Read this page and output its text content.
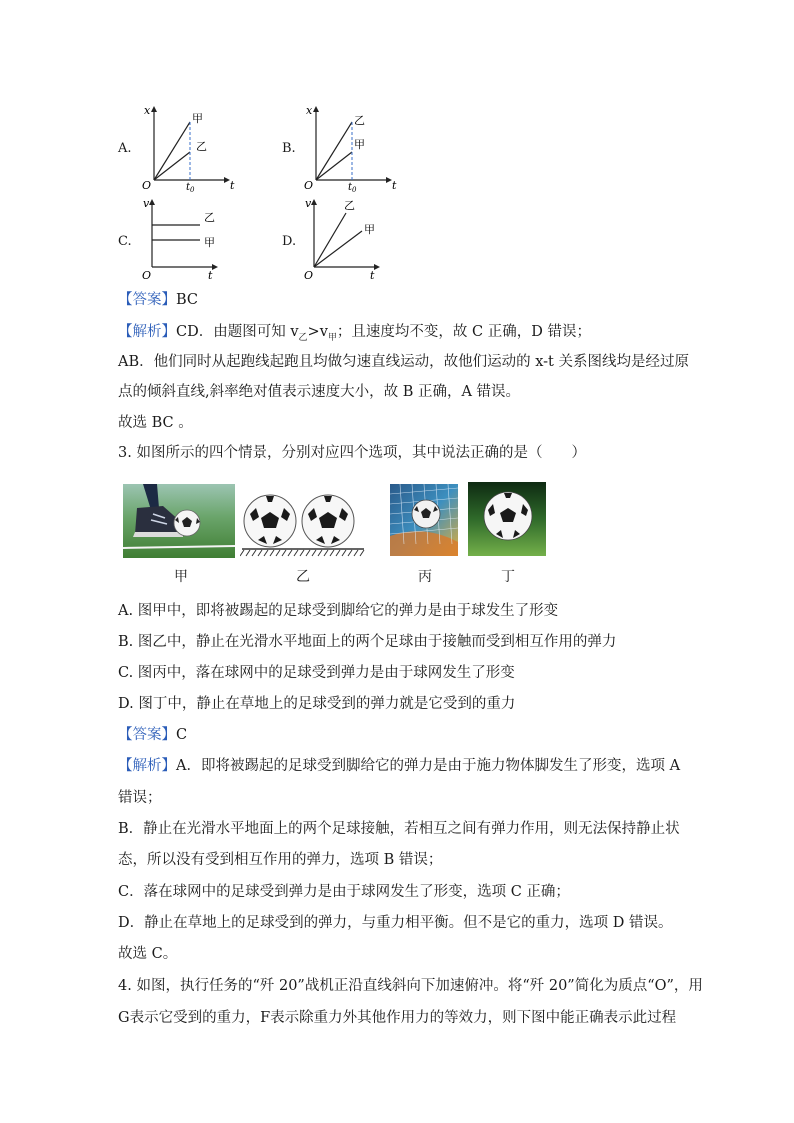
A.
x
t
O	$t_0$
甲
乙	B.
x
t
O	$t_0$
乙
甲
C.
v
t
O
乙
甲	D.
v
t
O
乙
甲
【答案】BC
【解析】CD．由题图可知 $v_乙>v_甲$；且速度均不变，故 C 正确，D 错误；
AB．他们同时从起跑线起跑且均做匀速直线运动，故他们运动的 x-t 关系图线均是经过原
点的倾斜直线,斜率绝对值表示速度大小，故 B 正确，A 错误。
故选 BC 。
3. 如图所示的四个情景，分别对应四个选项，其中说法正确的是（　　）
甲	乙	丙	丁
A. 图甲中，即将被踢起的足球受到脚给它的弹力是由于球发生了形变
B. 图乙中，静止在光滑水平地面上的两个足球由于接触而受到相互作用的弹力
C. 图丙中，落在球网中的足球受到弹力是由于球网发生了形变
D. 图丁中，静止在草地上的足球受到的弹力就是它受到的重力
【答案】C
【解析】A．即将被踢起的足球受到脚给它的弹力是由于施力物体脚发生了形变，选项 A
错误；
B．静止在光滑水平地面上的两个足球接触，若相互之间有弹力作用，则无法保持静止状
态，所以没有受到相互作用的弹力，选项 B 错误；
C．落在球网中的足球受到弹力是由于球网发生了形变，选项 C 正确；
D．静止在草地上的足球受到的弹力，与重力相平衡。但不是它的重力，选项 D 错误。
故选 C。
4. 如图，执行任务的“歼 20”战机正沿直线斜向下加速俯冲。将“歼 20”简化为质点“O”，用
G表示它受到的重力，F表示除重力外其他作用力的等效力，则下图中能正确表示此过程
